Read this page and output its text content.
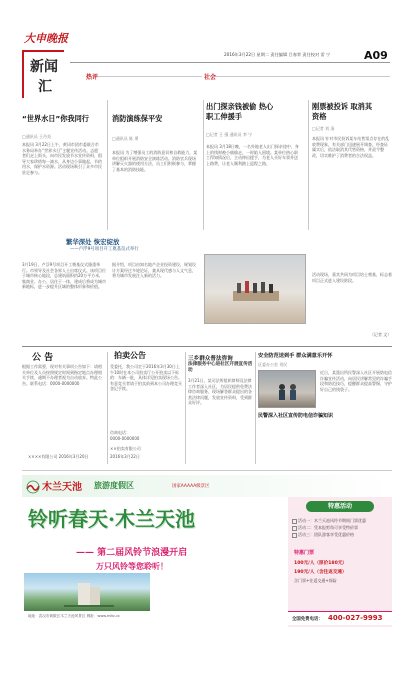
大申晚报
新闻
汇
2016年3月22日 星期二 责任编辑 吕春荣 责任校对 雷 宁	A09
热评	社会
“世界水日”你我同行
□通讯员 王丹炎
本报讯 3月22日上午，黄冈市团市委联合市水务局举办“世界水日”主题宣传活动。志愿者们走上街头，向市民发放节水宣传资料，倡导大家珍惜每一滴水，从身边小事做起，节约用水，保护水资源。活动现场吸引了众多市民驻足参与。
消防演练保平安
□通讯员 陈 勇
本报讯 为了增强员工的消防意识和自救能力，某单位组织开展消防安全演练活动。消防官兵现场讲解灭火器的使用方法，员工们积极参与，掌握了基本的消防技能。
出门探亲钱被偷 热心职工伸援手
□记者 王 强 通讯员 李 宁
本报讯 3月18日晚，一名外地老人出门探亲途中，身上的钱财被小偷偷走，一时陷入困境。某单位热心职工得知情况后，主动伸出援手，为老人买好车票并送上路费，让老人顺利踏上返程之路。
刚票被投诉 取消其资格
□记者 刘 清
本报讯 针对市民投诉某车站售票点存在的乱收费现象，有关部门迅速展开调查。经查证属实后，依法取消其代售资格，并责令整改，切实维护了消费者的合法权益。
繁华深处 恢宏绽放
——卢浮9号项目开工奠基仪式举行
3月19日，卢浮9号项目开工奠基仪式隆重举行。市领导及社会各界人士出席仪式。该项目位于城市核心地段，总建筑面积约20万平方米，集商业、办公、居住于一体，建成后将成为城市新地标，进一步提升区域的整体形象和价值。
据介绍，项目由知名地产企业投资建设，规划设计方案经过多轮论证，兼具现代感与人文气息，将为城市发展注入新的活力。	活动现场，嘉宾共同为项目培土奠基，标志着项目正式进入建设阶段。
（记者 文）
公 告
根据工作需要，现对有关事项公告如下：请相关单位及人员按照规定时间到指定地点办理相关手续，逾期不办理者视为自动放弃。特此公告。联系电话：0000-0000000
××××有限公司 2016年3月20日
拍卖公告
受委托，我公司定于2016年3月30日上午10时在本公司拍卖厅公开拍卖以下标的：车辆一批，具体详见拍卖现场公告。有意竞买者请于拍卖前到本公司办理竞买登记手续。
咨询电话：
0000-0000000
××拍卖有限公司
2016年3月22日
三乡群众普法咨询
法律服务中心进社区开展宣传活动
3月21日，某司法所组织律师及法律工作者深入社区，为居民提供免费法律咨询服务，现场解答群众提出的各类法律问题，发放宣传资料，受到群众好评。
安全防范送到手 群众满意乐开怀
区委办公室 刘民
近日，某派出所民警深入社区开展防电信诈骗宣传活动，向居民讲解常见的诈骗手段和防范技巧，提醒群众提高警惕，守护好自己的钱袋子。
民警深入社区宣传防电信诈骗知识
木兰天池 旅游度假区	国家AAAAA级景区
铃听春天·木兰天池
—— 第二届风铃节浪漫开启
万只风铃等您聆听！
地址：武汉市黄陂区木兰天池风景区 网址：www.mltc.cc
特惠活动
活动一：木兰天池风铃节期间门票优惠
活动二：凭本报剪角可享受特价票
活动三：团队游客享受优惠价格
特惠门票
100元/人（原价180元）
190元/人（含往返交通）
含门票+往返交通+保险
全国免费电话： 400-027-9993
